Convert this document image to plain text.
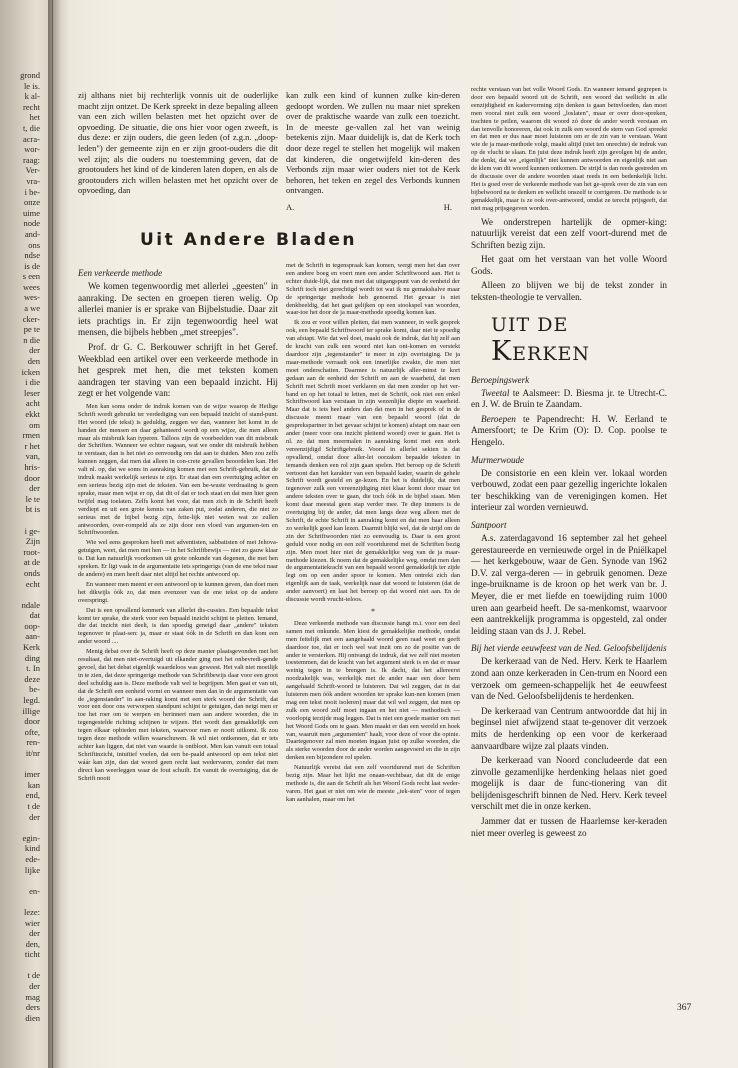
grond
le is.
k al-
recht
het
t, die
acra-
wor-
raag:
Ver-
vra-
i be-
onze
uime
node
and-
ons
ndse
is de
s een
wees
wes-
a we
cker-
pe te
n die
der
den
icken
i die
leser
acht
ekkt
om
rmen
r het
van,
hris-
door
der
le te
bt is

i ge-
Zijn
root-
at de
onds
echt

ndale
dat
oop-
aan-
Kerk
ding
t. In
deze
be-
legd.
illige
door
ofte,
ren-
it/nr

imer
kan
end,
t de
der

egin-
kind
ede-
lijke

en-

leze:
wier
der
den,
ticht

t de
der
mag
ders
dien

zij althans niet bij rechterlijk vonnis uit de ouderlijke macht zijn ontzet. De Kerk spreekt in deze bepaling alleen van een zich willen belasten met het opzicht over de opvoeding. De situatie, die ons hier voor ogen zweeft, is dus deze: er zijn ouders, die geen leden (of z.g.n. „doop-leden") der gemeente zijn en er zijn groot-ouders die dit wel zijn; als die ouders nu toestemming geven, dat de grootouders het kind of de kinderen laten dopen, en als de grootouders zich willen belasten met het opzicht over de opvoeding, dan

kan zulk een kind of kunnen zulke kin-deren gedoopt worden. We zullen nu maar niet spreken over de praktische waarde van zulk een toezicht. In de meeste ge-vallen zal het van weinig betekenis zijn. Maar duidelijk is, dat de Kerk toch door deze regel te stellen het mogelijk wil maken dat kinderen, die ongetwijfeld kin-deren des Verbonds zijn maar wier ouders niet tot de Kerk behoren, het teken en zegel des Verbonds kunnen ontvangen.

A.	H.
Uit Andere Bladen
Een verkeerde methode

We komen tegenwoordig met allerlei „geesten" in aanraking. De secten en groepen tieren welig. Op allerlei manier is er sprake van Bijbelstudie. Daar zit iets prachtigs in. Er zijn tegenwoordig heel wat mensen, die bijbels hebben „met streepjes".

Prof. dr G. C. Berkouwer schrijft in het Geref. Weekblad een artikel over een verkeerde methode in het gesprek met hen, die met teksten komen aandragen ter staving van een bepaald inzicht. Hij zegt er het volgende van:

Men kan soms onder de indruk komen van de wijze waarop de Heilige Schrift wordt gebruikt ter verdediging van een bepaald inzicht of stand-punt. Het woord (de tekst) is geduldig, zeggen we dan, wanneer het komt in de handen der mensen en daar gehanteerd wordt op een wijze, die men alleen maar als misbruik kan typeren. Talloos zijn de voorbeelden van dit misbruik der Schriften. Wanneer we echter nagaan, wat we onder dit misbruik hebben te verstaan, dan is het niet zo eenvoudig om dat aan te duiden. Men zou zelfs kunnen zeggen, dat men dat alleen in con-crete gevallen beoordelen kan. Het valt nl. op, dat we soms in aanraking komen met een Schrift-gebruik, dat de indruk maakt werkelijk serieus te zijn. Er staat dan een overtuiging achter en een serieus bezig zijn met de teksten. Van een be-wuste verdraaiing is geen sprake, maar men wijst er op, dat dit of dat er toch staat en dat men hier geen twijfel mag toelaten. Zelfs komt het voor, dat men zich in de Schrift heeft verdiept en uit een grote kennis van zaken put, zodat anderen, die niet zo serieus met de bijbel bezig zijn, feite-lijk niet weten wat ze zullen antwoorden, over-rompeld als ze zijn door een vloed van argumen-ten en Schriftwoorden.

Wie wel eens gesproken heeft met adventisten, sabbatisten of met Jehova-getuigen, weet, dat men met hen — in het Schriftbewijs — niet zo gauw klaar is. Dat kan natuurlijk voorkomen uit grote onkunde van degenen, die met hen spreken. Er ligt vaak in de argumentatie iets springerigs (van de ene tekst naar de andere) en men heeft daar niet altijd het rechte antwoord op.

En wanneer men meent er een antwoord op te kunnen geven, dan doet men het dikwijls óók zo, dat men evenzeer van de ene tekst op de andere overspringt.

Dat is een opvallend kenmerk van allerlei dis-cussies. Een bepaalde tekst komt ter sprake, die sterk voor een bepaald inzicht schijnt te pleiten. Iemand, die dat inzicht niet deelt, is dan spoedig geneigd daar „andere" teksten tegenover te plaat-sen: ja, maar er staat óók in de Schrift en dan kom een ander woord ....

Menig debat over de Schrift heeft op deze manier plaatsgevonden met het resultaat, dat men niet-overtuigd uit elkander ging met het onbevredi-gende gevoel, dat het debat eigenlijk waardeloos was geweest. Het valt niet moeilijk in te zien, dat deze springerige methode van Schriftbewijs daar voor een groot deel schuldig aan is. Deze methode valt wel te begrijpen. Men gaat er van uit, dat de Schrift een eenheid vormt en wanneer men dan in de argumentatie van de „tegenstander" in aan-raking komt met een sterk woord der Schrift, dat voor een door ons verworpen standpunt schijnt te getuigen, dan neigt men er toe het roer om te werpen en herinnert men aan andere woorden, die in tegengestelde richting schijnen te wijzen. Het wordt dan gemakkelijk een tegen elkaar opbieden met teksten, waarvoor men er nooit uitkomt. Ik zou tegen deze methode willen waarschuwen. Ik wil niet ontkennen, dat er iets achter kan liggen, dat niet van waarde is ontbloot. Men kan vanuit een totaal Schriftinzicht, intuïtief voelen, dat een be-paald antwoord op een tekst niet wáár kan zijn, dan dat woord geen recht laat wedervaren, zonder dat men direct kan weerleggen waar de fout schuilt. En vanuit de overtuiging, dat de Schrift nooit

met de Schrift in tegenspraak kan komen, wergt men het dan over een andere boeg en voert men een ander Schriftwoord aan. Het is echter duide-lijk, dat men met dat uitgangspunt van de eenheid der Schrift toch niet gerechtigd wordt tot wat ik nu gemakshalve maar de springerige methode heb genoemd. Het gevaar is niet denkbeeldig, dat het gaat gelijken op een stookspel van woorden, waar-toe het door de ja maar-methode spoedig komen kan.

Ik zou er voor willen pleiten, dat men wanneer, in welk gesprek ook, een bepaald Schriftwoord ter sprake komt, daar niet te spoedig van afstapt. Wie dat wel doet, maakt ook de indruk, dat hij zelf aan de kracht van zulk een woord niet kan ont-komen en verstekt daardoor zijn „tegenstander" te meer in zijn overtuiging. De ja maar-methode verraadt ook een innerlijke zwakte, die men niet moet onderschatten. Daarmee is natuurlijk aller-minst te kort gedaan aan de eenheid der Schrift en aan de waarheid, dat men Schrift met Schrift moet verklaren en dat men zonder op het ver-band en op het totaal te letten, met de Schrift, ook niet een enkel Schriftwoord kan verstaan in zijn wezenlijke diepte en waarheid. Maar dat is iets heel anders dan dat men in het gesprek of in de discussie meent maar van een bepaald woord (dat de gesprekspartner in het gevaar schijnt te komen) afstapt om naar een ander (meer voor ons inzicht pleitend woord) over te gaan. Het is nl. zo dat men meermalen in aanraking komt met een sterk vereenzijdigd Schriftgebruik. Vooral in allerlei sekten is dat opvallend, omdat door aller-lei oorzaken bepaalde teksten in iemands denken een rol zijn gaan spelen. Het beroep op de Schrift vertoont dan het karakter van een bepaald kader, waarin de gehele Schrift wordt gesteld en ge-lezen. En het is duidelijk, dat men tegenover zulk een vereenzijdiging niet klaar komt door maar tot andere teksten over te gaan, die toch óók in de bijbel staan. Men komt daar meestal geen stap verder mee. Te diep immers is de overtuiging bij de ander, dat men langs deze weg alleen met de Schrift, de echte Schrift in aanraking komt en dat men haar alleen zo werkelijk goed kan lezen. Daarmit blijkt wel, dat de strijd om de zin der Schriftwoorden niet zo eenvoudig is. Daar is een groot geduld voor nodig en een zelf voortdurend met de Schriften bezig zijn. Men moet hier niet de gemakkelijke weg van de ja maar-methode kiezen. Ik noem dat de gemakkelijke weg, omdat men dan de argumentatiekracht van een bepaald woord gemakkelijk ter zijde legt om op een ander spoor te komen. Men ontrekt zich dan eigenlijk aan de taak, werkelijk naar dat woord te luisteren (dat de ander aanvoert) en laat het beroep op dat woord niet aan. En de discussie wordt vrucht-teloos.

*

Deze verkeerde methode van discussie hangt m.i. voor een deel samen met onkunde. Men kiest de gemakkelijke methode, omdat men feitelijk met een aangehaald woord geen raad weet en geeft daardoor toe, dat er toch wel wat inzit om zo de positie van de ander te versterken. Hij ontvangt de indruk, dat we zelf niet moeten toestemmen, dat de kracht van het argument sterk is en dat er maar weinig tegen in te brengen is. Ik dacht, dat het allereerst noodzakelijk was, werkelijk met de ander naar een door hem aangehaald Schrift-woord te luisteren. Dat wil zeggen, dat in dat luisteren men óók andere woorden ter sprake kun-nen komen (men mag een tekst nooit isoleren) maar dat wil wel zeggen, dat men op zulk een woord zelf moet ingaan en het niet — methodisch — voorlopig terzijde mag leggen. Dat is niet een goede manier om met het Woord Gods om te gaan. Men maakt er dan een wereld en hoek van, waaruit men „argumenten" haalt, voor deze of voor die opinie. Daartegenover zal men moeten ingaan juist op zulke woorden, die als sterke woorden door de ander worden aangevoerd en die in zijn denken een bijzondere rol spelen.

Natuurlijk vereist dat een zelf voortdurend met de Schriften bezig zijn. Maar het lijkt me onaan-vechtbaar, dat dit de enige methode is, die aan de Schrift als het Woord Gods recht laat weder-varen. Het gaat er niet om wie de meeste „tek-sten" voor of tegen kan aanhalen, maar om het

rechte verstaan van het volle Woord Gods. En wanneer iemand gegrepen is door een bepaald woord uit de Schrift, een woord dat wellicht in alle eenzijdigheid en kadervorming zijn denken is gaan beïnvloeden, dan moet men vooral niet zulk een woord „loslaten", maar er over door-spreken, trachten te peilen, waarom dit woord zó door de ander wordt verstaan en dan tenvolle honoreren, dat ook in zulk een woord de stem van God spreekt en dat men er dus naar moet luisteren om er de zin van te verstaan. Want wie de ja maar-methode volgt, maakt altijd (niet ten onrechte) de indruk van op de vlucht te slaan. En juist deze indruk heeft zijn gevolgen bij de ander, die denkt, dat we „eigenlijk" niet kunnen antwoorden en eigenlijk niet aan de klem van dit woord kunnen ontkomen. De strijd is dan reeds gestreden en de discussie over de andere woorden staat reeds in een bedenkelijk licht. Het is goed over de verkeerde methode van het ge-sprek over de zin van een bijbelwoord na te denken en wellicht onszelf te corrigeren. De methode is te gemakkelijk, maar is ze ook over-antwoord, omdat ze terecht prijsgeeft, dat niet mag prijsgegeven worden.

We onderstrepen hartelijk de opmer-king: natuurlijk vereist dat een zelf voort-durend met de Schriften bezig zijn.

Het gaat om het verstaan van het volle Woord Gods.

Alleen zo blijven we bij de tekst zonder in teksten-theologie te vervallen.

UIT DE KERKEN
Beroepingswerk

Tweetal te Aalsmeer: D. Biesma jr. te Utrecht-C. en J. W. de Bruin te Zaandam.

Beroepen te Papendrecht: H. W. Eerland te Amersfoort; te De Krim (O): D. Cop. poolse te Hengelo.

Murmerwoude

De consistorie en een klein ver. lokaal worden verbouwd, zodat een paar gezellig ingerichte lokalen ter beschikking van de verenigingen komen. Het interieur zal worden vernieuwd.

Santpoort

A.s. zaterdagavond 16 september zal het geheel gerestaureerde en vernieuwde orgel in de Pniëlkapel — het kerkgebouw, waar de Gen. Synode van 1962 D.V. zal verga-deren — in gebruik genomen. Deze inge-bruikname is de kroon op het werk van br. J. Meyer, die er met liefde en toewijding ruim 1000 uren aan gearbeid heeft. De sa-menkomst, waarvoor een aantrekkelijk programma is opgesteld, zal onder leiding staan van ds J. J. Rebel.

Bij het vierde eeuwfeest van de Ned. Geloofsbelijdenis

De kerkeraad van de Ned. Herv. Kerk te Haarlem zond aan onze kerkeraden in Cen-trum en Noord een verzoek om gemeen-schappelijk het 4e eeuwfeest van de Ned. Geloofsbelijdenis te herdenken.

De kerkeraad van Centrum antwoordde dat hij in beginsel niet afwijzend staat te-genover dit verzoek mits de herdenking op een voor de kerkeraad aanvaardbare wijze zal plaats vinden.

De kerkeraad van Noord concludeerde dat een zinvolle gezamenlijke herdenking helaas niet goed mogelijk is daar de func-tionering van dit belijdenisgeschrift binnen de Ned. Herv. Kerk teveel verschilt met die in onze kerken.

Jammer dat er tussen de Haarlemse ker-keraden niet meer overleg is geweest zo

367
